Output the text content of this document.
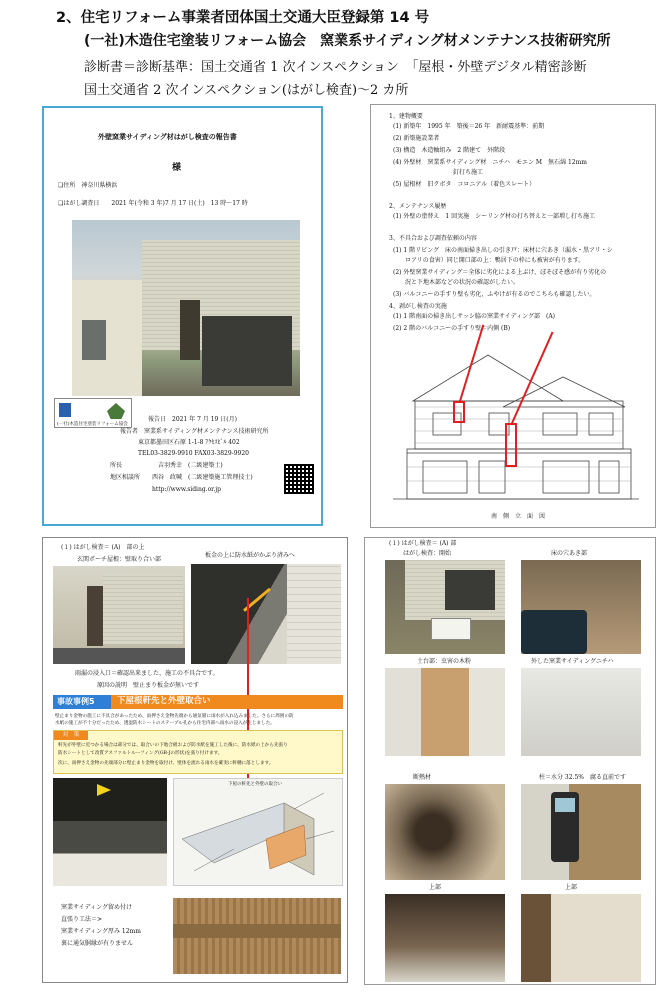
2、住宅リフォーム事業者団体国土交通大臣登録第 14 号
(一社)木造住宅塗装リフォーム協会　窯業系サイディング材メンテナンス技術研究所
診断書＝診断基準：国土交通省 1 次インスペクション　「屋根・外壁デジタル精密診断
国土交通省 2 次インスペクション(はがし検査)〜2 カ所
外壁窯業サイディング材はがし検査の報告書
様
❏住所　神奈川県横浜
❏はがし調査日　　2021 年(令和 3 年)7 月 17 日(土)　13 時〜17 時
(一社)木造住宅塗装リフォーム協会
報告日　2021 年 7 月 19 日(月)
報告者　窯業系サイディング材メンテナンス技術研究所
東京都墨田区石原 1-1-8 ｱｸｾｽﾋﾞﾙ 402
TEL03-3829-9910 FAX03-3829-9920
所長　　　　　　吉羽秀幸　(二級建築士)
地区相談所　　西谷　政喊　(二級建築施工管理技士)
http://www.siding.or.jp
1、建物概要
(1) 新築年　1995 年　築後＝26 年　新耐震基準：前期
(2) 新築施設業者
(3) 構造　木造軸組み　2 階建て　外階段
(4) 外壁材　窯業系サイディング材　ニチハ　モエン M　無石綿 12mm
釘打ち施工
(5) 屋根材　旧クボタ　コロニアル（着色スレート）
2、メンテナンス履歴
(1) 外壁の塗替え　1 回実施　シーリング材の打ち替えと一部増し打ち施工
3、不具合および調査依頼の内容
(1) 1 階リビング　床の南面掃き出しの引き戸：床材に穴あき（漏水・黒アリ・シ
ロアリの食害）同じ開口部の上：鴨居下の枠にも被害が有ります。
(2) 外壁窯業サイディング＝全体に劣化による上ぶけ、ぼそぼそ感が有り劣化の
況と下地木部などの状況の確認がしたい。
(3) バルコニーの手すり壁も劣化、ふやけが有るのでこちらも確認したい。
4、剥がし検査の実施
(1) 1 階南面の掃き出しサッシ脇の窯業サイディング部　(A)
(2) 2 階のバルコニーの手すり壁＝内側 (B)
南　側　立　面　図
(１) はがし検査＝ (A)　部の上
玄関ポーチ屋根：壁取り合い部
板金の上に防水紙がかぶり済みへ
雨漏の浸入口＝確認出来ました、施工の不具合です。
原因の説明　壁止まり板金が無いです
事故事例5	下屋根軒先と外壁取合い
壁止まり金物の施工に不具合があったため、雨押さえ金物先端から通気層に雨水が入れ込みました。さらに周囲の防
水紙の施工が不十分だったため、透湿防水シートのステープル孔から住宅内部へ雨水の浸入が生じました。
対　策
軒先が外壁に近つかる場合は部分では、取合いの下地合板および防水紙を施工した後に、防水紙の上から先張り
防水シートとして改質アスファルトルーフィング(GB-Jの形状)を張り付けます。
次に、雨押さえ金物の先端部分に壁止まり金物を取付け、壁体を流れる雨水を確実に軒樋に落とします。
下屋の軒先と外壁の取合い
窯業サイディング留め付け
直張り工法＝>
窯業サイディング厚み 12mm
裏に通気胴縁が有りません
(１) はがし検査＝ (A) 部
はがし検査：開始	床の穴あき部
土台部：虫害の木粉	外した窯業サイディングニチハ
断熱材	柱＝水分 32.5%　腐る直前です
上部	上部
